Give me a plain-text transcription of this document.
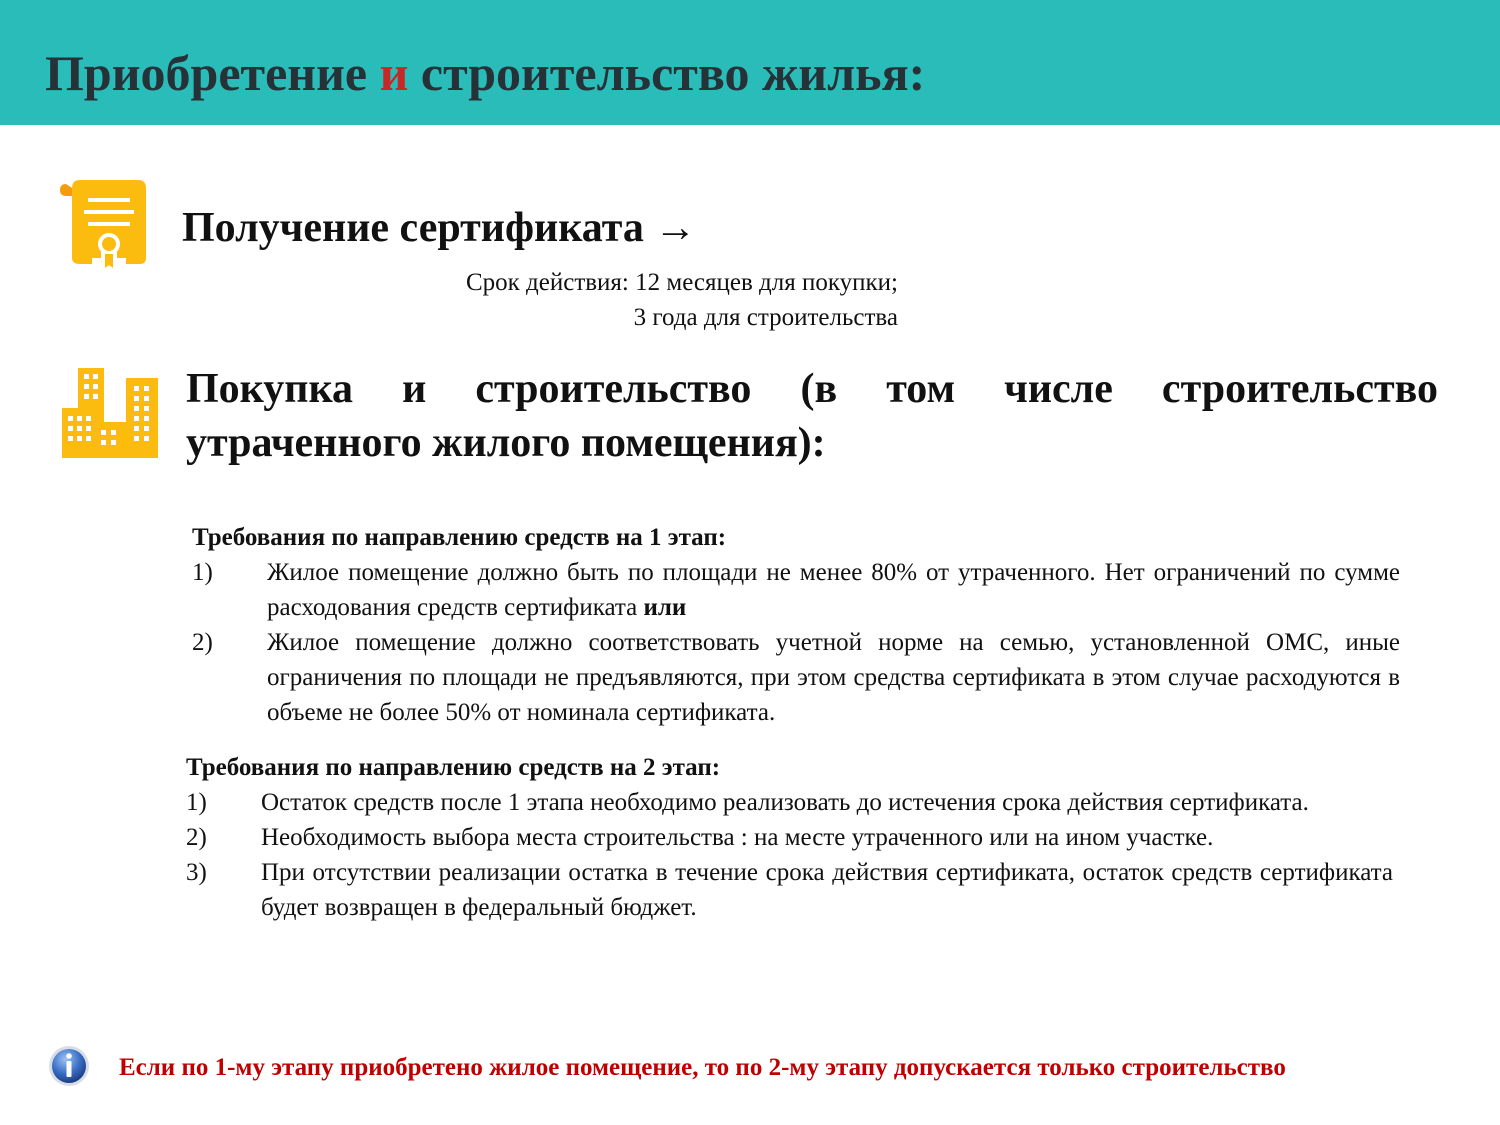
Приобретение и строительство жилья:
Получение сертификата →
Срок действия: 12 месяцев для покупки;
3 года для строительства
Покупка и строительство (в том числе строительство утраченного жилого помещения):

Требования по направлению средств на 1 этап:

1)	Жилое помещение должно быть по площади не менее 80% от утраченного. Нет ограничений по сумме расходования средств сертификата или
2)	Жилое помещение должно соответствовать учетной норме на семью, установленной ОМС, иные ограничения по площади не предъявляются, при этом средства сертификата в этом случае расходуются в объеме не более 50% от номинала сертификата.

Требования по направлению средств на 2 этап:

1)	Остаток средств после 1 этапа необходимо реализовать до истечения срока действия сертификата.
2)	Необходимость выбора места строительства : на месте утраченного или на ином участке.
3)	При отсутствии реализации остатка в течение срока действия сертификата, остаток средств сертификата будет возвращен в федеральный бюджет.

Если по 1-му этапу приобретено жилое помещение, то по 2-му этапу допускается только строительство
